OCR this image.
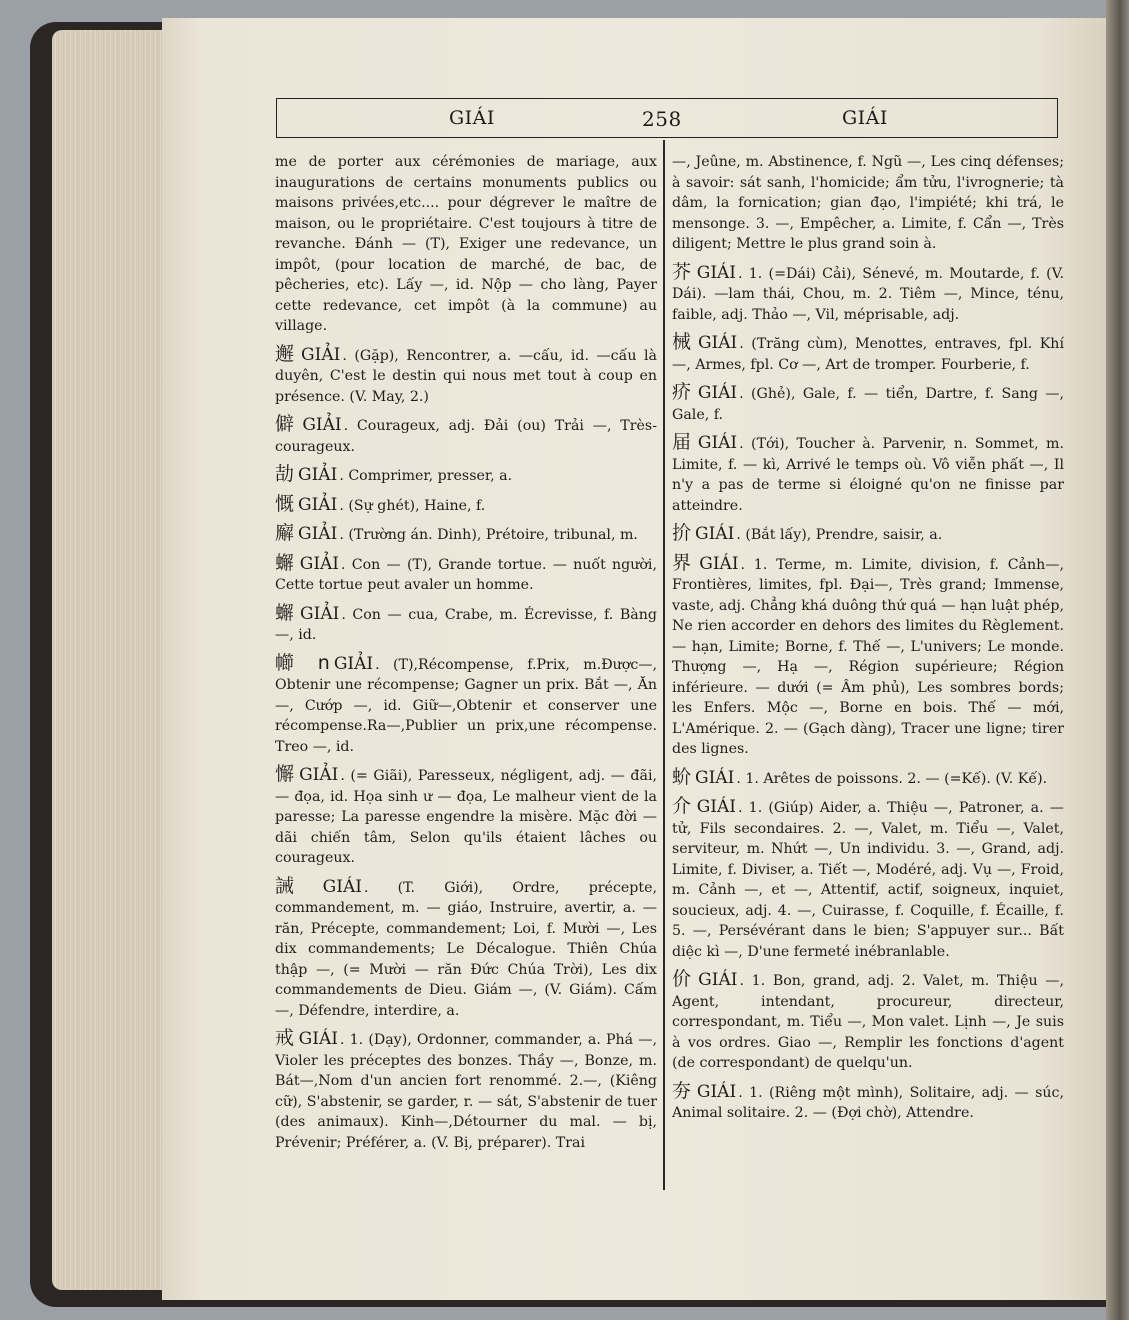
GIÁI	258	GIÁI

me de porter aux cérémonies de mariage, aux inaugurations de certains monuments publics ou maisons privées,etc.... pour dégrever le maître de maison, ou le propriétaire. C'est toujours à titre de revanche. Đánh — (T), Exiger une redevance, un impôt, (pour location de marché, de bac, de pêcheries, etc). Lấy —, id. Nộp — cho làng, Payer cette redevance, cet impôt (à la commune) au village.

邂 GIẢI . (Gặp), Rencontrer, a. —cấu, id. —cấu là duyên, C'est le destin qui nous met tout à coup en présence. (V. May, 2.)

僻 GIẢI . Courageux, adj. Đải (ou) Trải —, Très-courageux.

劼 GIẢI . Comprimer, presser, a.

慨 GIẢI . (Sự ghét), Haine, f.

廨 GIẢI . (Trường án. Dinh), Prétoire, tribunal, m.

蠏 GIẢI . Con — (T), Grande tortue. — nuốt người, Cette tortue peut avaler un homme.

蠏 GIẢI . Con — cua, Crabe, m. Écrevisse, f. Bàng —, id.

幯 n GIẢI . (T),Récompense, f.Prix, m.Được—, Obtenir une récompense; Gagner un prix. Bắt —, Ăn—, Cướp —, id. Giữ—,Obtenir et conserver une récompense.Ra—,Publier un prix,une récompense. Treo —, id.

懈 GIẢI . (= Giãi), Paresseux, négligent, adj. — đãi, — đọa, id. Họa sinh ư — đọa, Le malheur vient de la paresse; La paresse engendre la misère. Mặc đời — dãi chiến tâm, Selon qu'ils étaient lâches ou courageux.

誡 GIÁI . (T. Giới), Ordre, précepte, commandement, m. — giáo, Instruire, avertir, a. — răn, Précepte, commandement; Loi, f. Mười —, Les dix commandements; Le Décalogue. Thiên Chúa thập —, (= Mười — răn Đức Chúa Trời), Les dix commandements de Dieu. Giám —, (V. Giám). Cấm —, Défendre, interdire, a.

戒 GIÁI . 1. (Dạy), Ordonner, commander, a. Phá —, Violer les préceptes des bonzes. Thầy —, Bonze, m. Bát—,Nom d'un ancien fort renommé. 2.—, (Kiêng cữ), S'abstenir, se garder, r. — sát, S'abstenir de tuer (des animaux). Kinh—,Détourner du mal. — bị, Prévenir; Préférer, a. (V. Bị, préparer). Trai

—, Jeûne, m. Abstinence, f. Ngũ —, Les cinq défenses; à savoir: sát sanh, l'homicide; ẩm tửu, l'ivrognerie; tà dâm, la fornication; gian đạo, l'impiété; khi trá, le mensonge. 3. —, Empêcher, a. Limite, f. Cẩn —, Très diligent; Mettre le plus grand soin à.

芥 GIÁI . 1. (=Dái) Cải), Sénevé, m. Moutarde, f. (V. Dái). —lam thái, Chou, m. 2. Tiêm —, Mince, ténu, faible, adj. Thảo —, Vil, méprisable, adj.

械 GIÁI . (Trăng cùm), Menottes, entraves, fpl. Khí —, Armes, fpl. Cơ —, Art de tromper. Fourberie, f.

疥 GIÁI . (Ghẻ), Gale, f. — tiển, Dartre, f. Sang —, Gale, f.

届 GIÁI . (Tới), Toucher à. Parvenir, n. Sommet, m. Limite, f. — kì, Arrivé le temps où. Vô viễn phất —, Il n'y a pas de terme si éloigné qu'on ne finisse par atteindre.

扴 GIÁI . (Bắt lấy), Prendre, saisir, a.

界 GIÁI . 1. Terme, m. Limite, division, f. Cảnh—, Frontières, limites, fpl. Đại—, Très grand; Immense, vaste, adj. Chẳng khá duông thứ quá — hạn luật phép, Ne rien accorder en dehors des limites du Règlement. — hạn, Limite; Borne, f. Thế —, L'univers; Le monde. Thượng —, Hạ —, Région supérieure; Région inférieure. — dưới (= Âm phủ), Les sombres bords; les Enfers. Mộc —, Borne en bois. Thế — mới, L'Amérique. 2. — (Gạch dàng), Tracer une ligne; tirer des lignes.

蚧 GIÁI . 1. Arêtes de poissons. 2. — (=Kế). (V. Kế).

介 GIÁI . 1. (Giúp) Aider, a. Thiệu —, Patroner, a. — tử, Fils secondaires. 2. —, Valet, m. Tiểu —, Valet, serviteur, m. Nhứt —, Un individu. 3. —, Grand, adj. Limite, f. Diviser, a. Tiết —, Modéré, adj. Vụ —, Froid, m. Cảnh —, et —, Attentif, actif, soigneux, inquiet, soucieux, adj. 4. —, Cuirasse, f. Coquille, f. Écaille, f. 5. —, Persévérant dans le bien; S'appuyer sur... Bất diệc kì —, D'une fermeté inébranlable.

价 GIÁI . 1. Bon, grand, adj. 2. Valet, m. Thiệu —, Agent, intendant, procureur, directeur, correspondant, m. Tiểu —, Mon valet. Lịnh —, Je suis à vos ordres. Giao —, Remplir les fonctions d'agent (de correspondant) de quelqu'un.

夯 GIÁI . 1. (Riêng một mình), Solitaire, adj. — súc, Animal solitaire. 2. — (Đợi chờ), Attendre.
